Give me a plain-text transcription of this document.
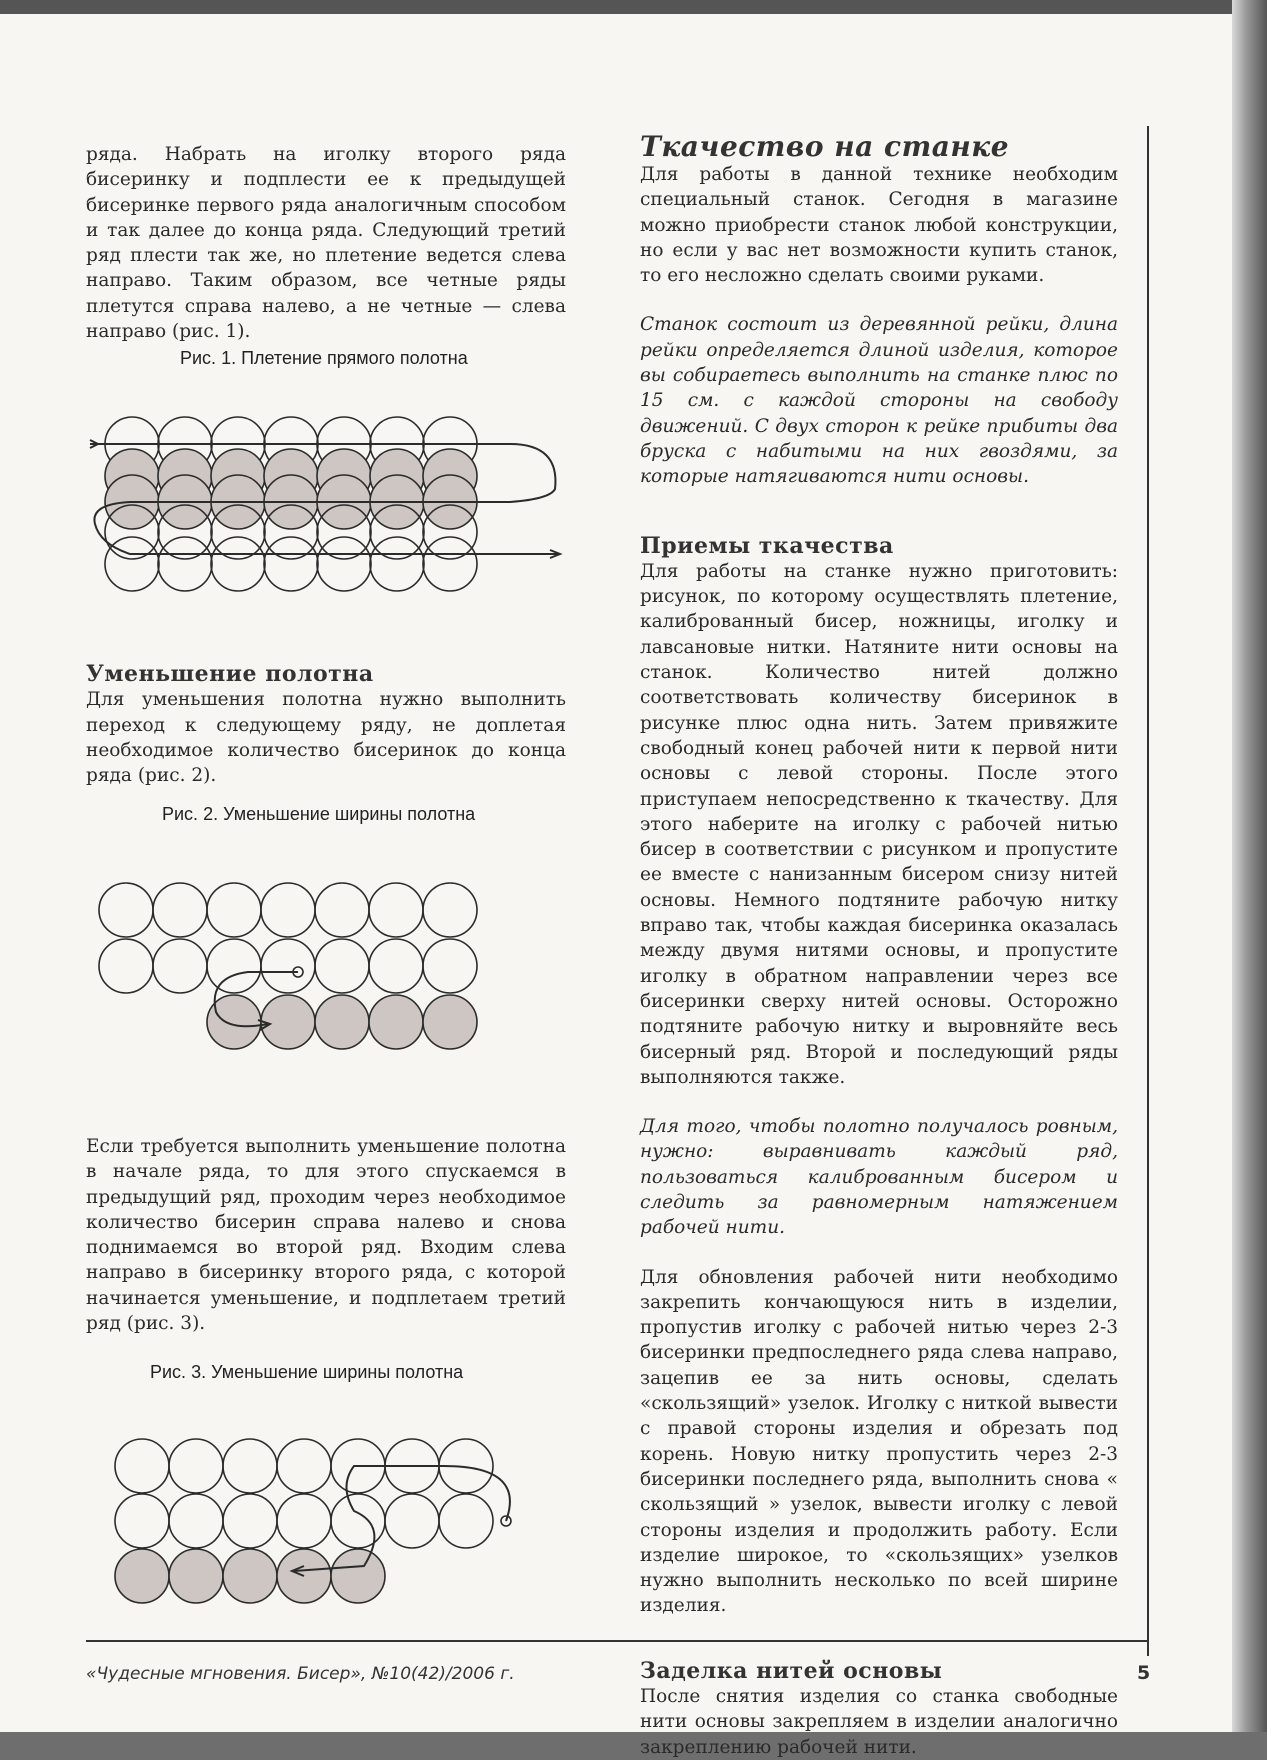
ряда. Набрать на иголку второго ряда бисеринку и подплести ее к предыдущей бисеринке первого ряда аналогичным способом и так далее до конца ряда. Следующий третий ряд плести так же, но плетение ведется слева направо. Таким образом, все четные ряды плетутся справа налево, а не четные — слева направо (рис. 1).

Рис. 1. Плетение прямого полотна
Уменьшение полотна

Для уменьшения полотна нужно выполнить переход к следующему ряду, не доплетая необходимое количество бисеринок до конца ряда (рис. 2).

Рис. 2. Уменьшение ширины полотна

Если требуется выполнить уменьшение полотна в начале ряда, то для этого спускаемся в предыдущий ряд, проходим через необходимое количество бисерин справа налево и снова поднимаемся во второй ряд. Входим слева направо в бисеринку второго ряда, с которой начинается уменьшение, и подплетаем третий ряд (рис. 3).

Рис. 3. Уменьшение ширины полотна
Ткачество на станке

Для работы в данной технике необходим специальный станок. Сегодня в магазине можно приобрести станок любой конструкции, но если у вас нет возможности купить станок, то его несложно сделать своими руками.

Станок состоит из деревянной рейки, длина рейки определяется длиной изделия, которое вы собираетесь выполнить на станке плюс по 15 см. с каждой стороны на свободу движений. С двух сторон к рейке прибиты два бруска с набитыми на них гвоздями, за которые натягиваются нити основы.

Приемы ткачества

Для работы на станке нужно приготовить: рисунок, по которому осуществлять плетение, калиброванный бисер, ножницы, иголку и лавсановые нитки. Натяните нити основы на станок. Количество нитей должно соответствовать количеству бисеринок в рисунке плюс одна нить. Затем привяжите свободный конец рабочей нити к первой нити основы с левой стороны. После этого приступаем непосредственно к ткачеству. Для этого наберите на иголку с рабочей нитью бисер в соответствии с рисунком и пропустите ее вместе с нанизанным бисером снизу нитей основы. Немного подтяните рабочую нитку вправо так, чтобы каждая бисеринка оказалась между двумя нитями основы, и пропустите иголку в обратном направлении через все бисеринки сверху нитей основы. Осторожно подтяните рабочую нитку и выровняйте весь бисерный ряд. Второй и последующий ряды выполняются также.

Для того, чтобы полотно получалось ровным, нужно: выравнивать каждый ряд, пользоваться калиброванным бисером и следить за равномерным натяжением рабочей нити.

Для обновления рабочей нити необходимо закрепить кончающуюся нить в изделии, пропустив иголку с рабочей нитью через 2-3 бисеринки предпоследнего ряда слева направо, зацепив ее за нить основы, сделать «скользящий» узелок. Иголку с ниткой вывести с правой стороны изделия и обрезать под корень. Новую нитку пропустить через 2-3 бисеринки последнего ряда, выполнить снова « скользящий » узелок, вывести иголку с левой стороны изделия и продолжить работу. Если изделие широкое, то «скользящих» узелков нужно выполнить несколько по всей ширине изделия.

Заделка нитей основы

После снятия изделия со станка свободные нити основы закрепляем в изделии аналогично закреплению рабочей нити.

«Чудесные мгновения. Бисер», №10(42)/2006 г.	5
